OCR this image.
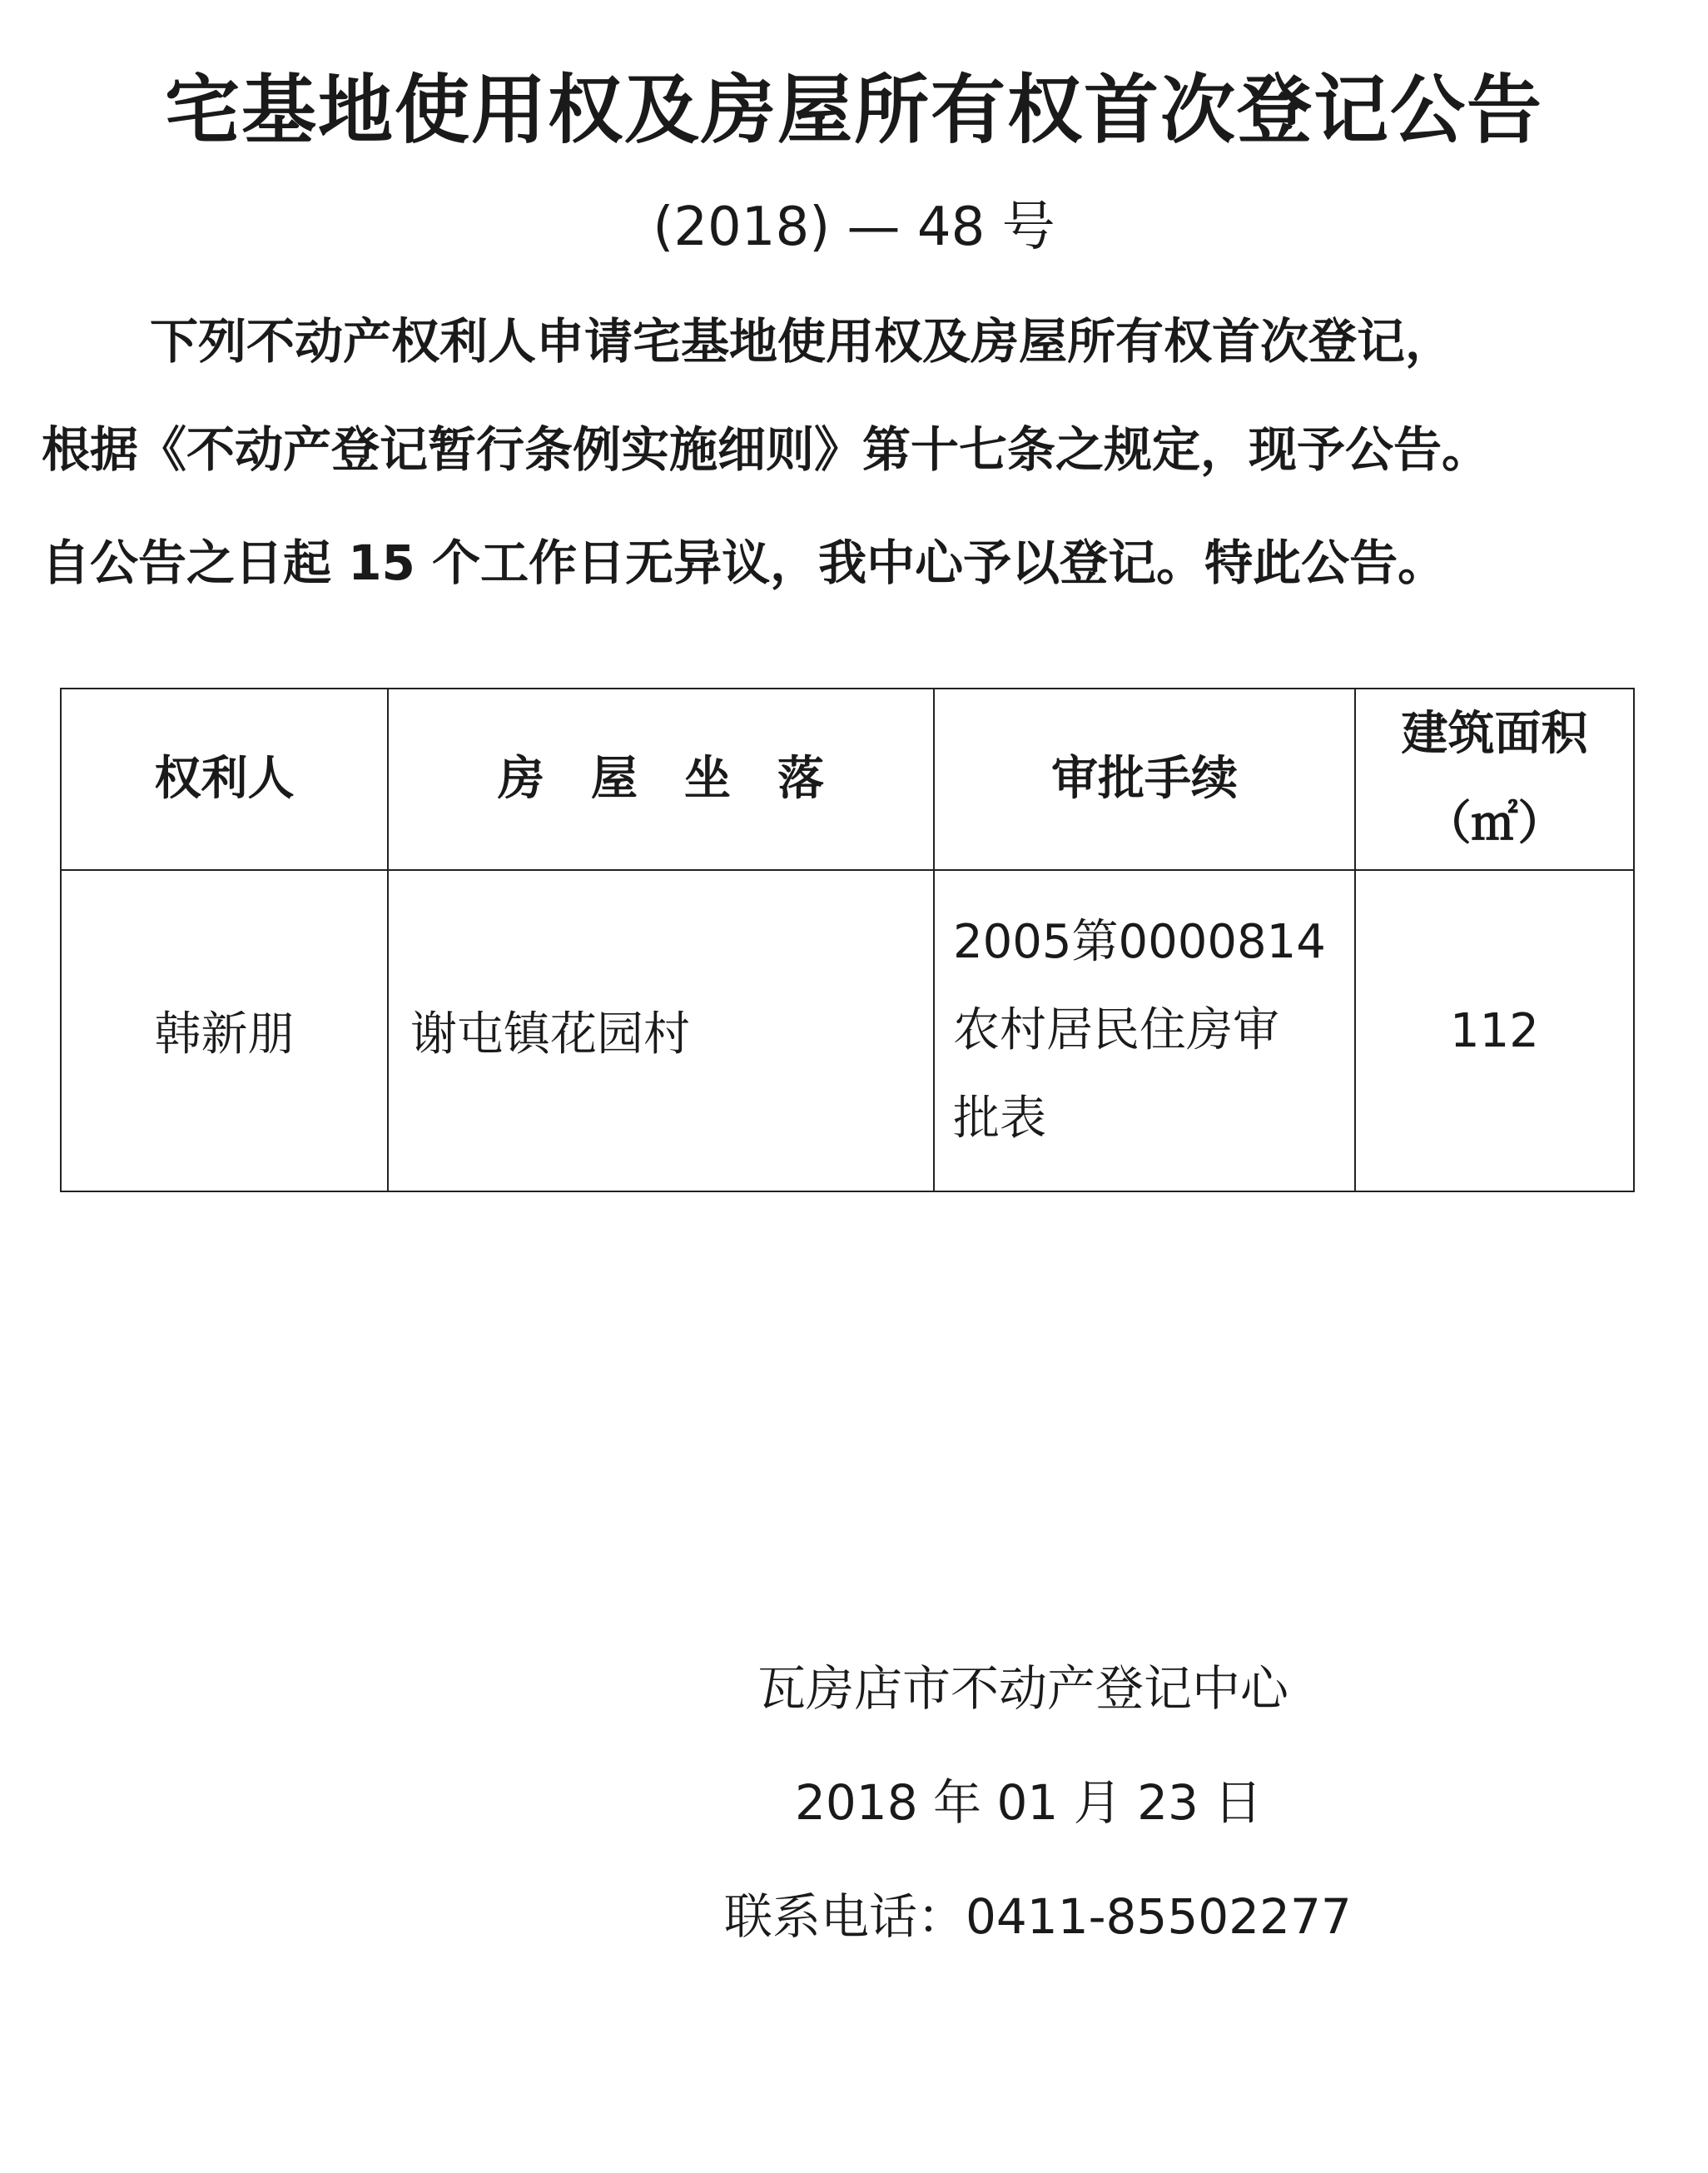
宅基地使用权及房屋所有权首次登记公告
(2018) — 48 号
下列不动产权利人申请宅基地使用权及房屋所有权首次登记，
根据《不动产登记暂行条例实施细则》第十七条之规定，现予公告。
自公告之日起 15 个工作日无异议，我中心予以登记。特此公告。
权利人	房　屋　坐　落	审批手续	建筑面积
（㎡）

韩新朋	谢屯镇花园村	2005第0000814
农村居民住房审
批表	112
瓦房店市不动产登记中心
2018 年 01 月 23 日
联系电话：0411-85502277
